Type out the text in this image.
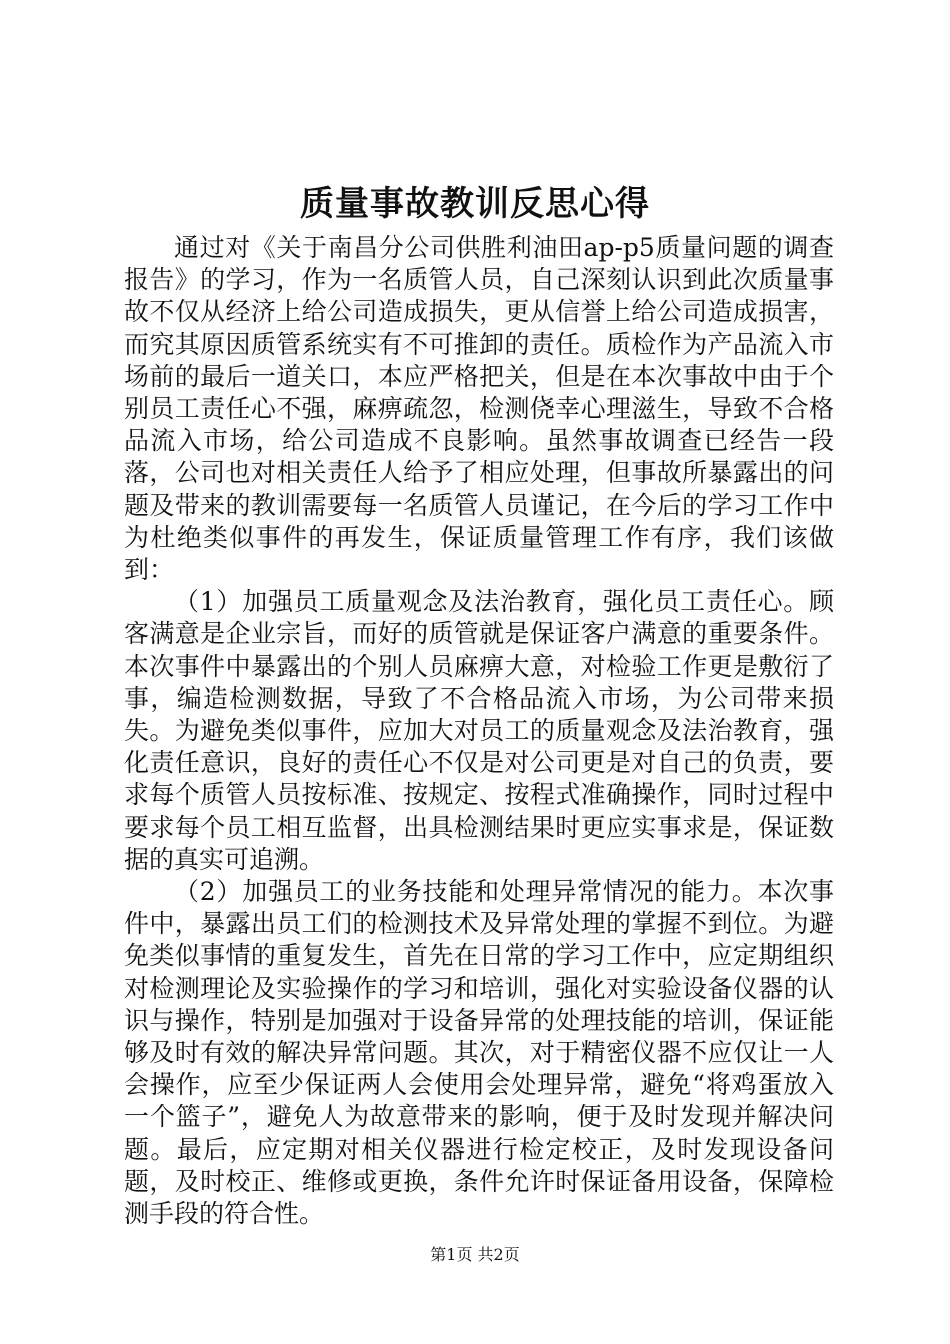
质量事故教训反思心得

通过对《关于南昌分公司供胜利油田ap-p5质量问题的调查报告》的学习，作为一名质管人员，自己深刻认识到此次质量事故不仅从经济上给公司造成损失，更从信誉上给公司造成损害，而究其原因质管系统实有不可推卸的责任。质检作为产品流入市场前的最后一道关口，本应严格把关，但是在本次事故中由于个别员工责任心不强，麻痹疏忽，检测侥幸心理滋生，导致不合格品流入市场，给公司造成不良影响。虽然事故调查已经告一段落，公司也对相关责任人给予了相应处理，但事故所暴露出的问题及带来的教训需要每一名质管人员谨记，在今后的学习工作中为杜绝类似事件的再发生，保证质量管理工作有序，我们该做到：

（1）加强员工质量观念及法治教育，强化员工责任心。顾客满意是企业宗旨，而好的质管就是保证客户满意的重要条件。本次事件中暴露出的个别人员麻痹大意，对检验工作更是敷衍了事，编造检测数据，导致了不合格品流入市场，为公司带来损失。为避免类似事件，应加大对员工的质量观念及法治教育，强化责任意识，良好的责任心不仅是对公司更是对自己的负责，要求每个质管人员按标准、按规定、按程式准确操作，同时过程中要求每个员工相互监督，出具检测结果时更应实事求是，保证数据的真实可追溯。

（2）加强员工的业务技能和处理异常情况的能力。本次事件中，暴露出员工们的检测技术及异常处理的掌握不到位。为避免类似事情的重复发生，首先在日常的学习工作中，应定期组织对检测理论及实验操作的学习和培训，强化对实验设备仪器的认识与操作，特别是加强对于设备异常的处理技能的培训，保证能够及时有效的解决异常问题。其次，对于精密仪器不应仅让一人会操作，应至少保证两人会使用会处理异常，避免“将鸡蛋放入一个篮子”，避免人为故意带来的影响，便于及时发现并解决问题。最后，应定期对相关仪器进行检定校正，及时发现设备问题，及时校正、维修或更换，条件允许时保证备用设备，保障检测手段的符合性。

第1页 共2页
